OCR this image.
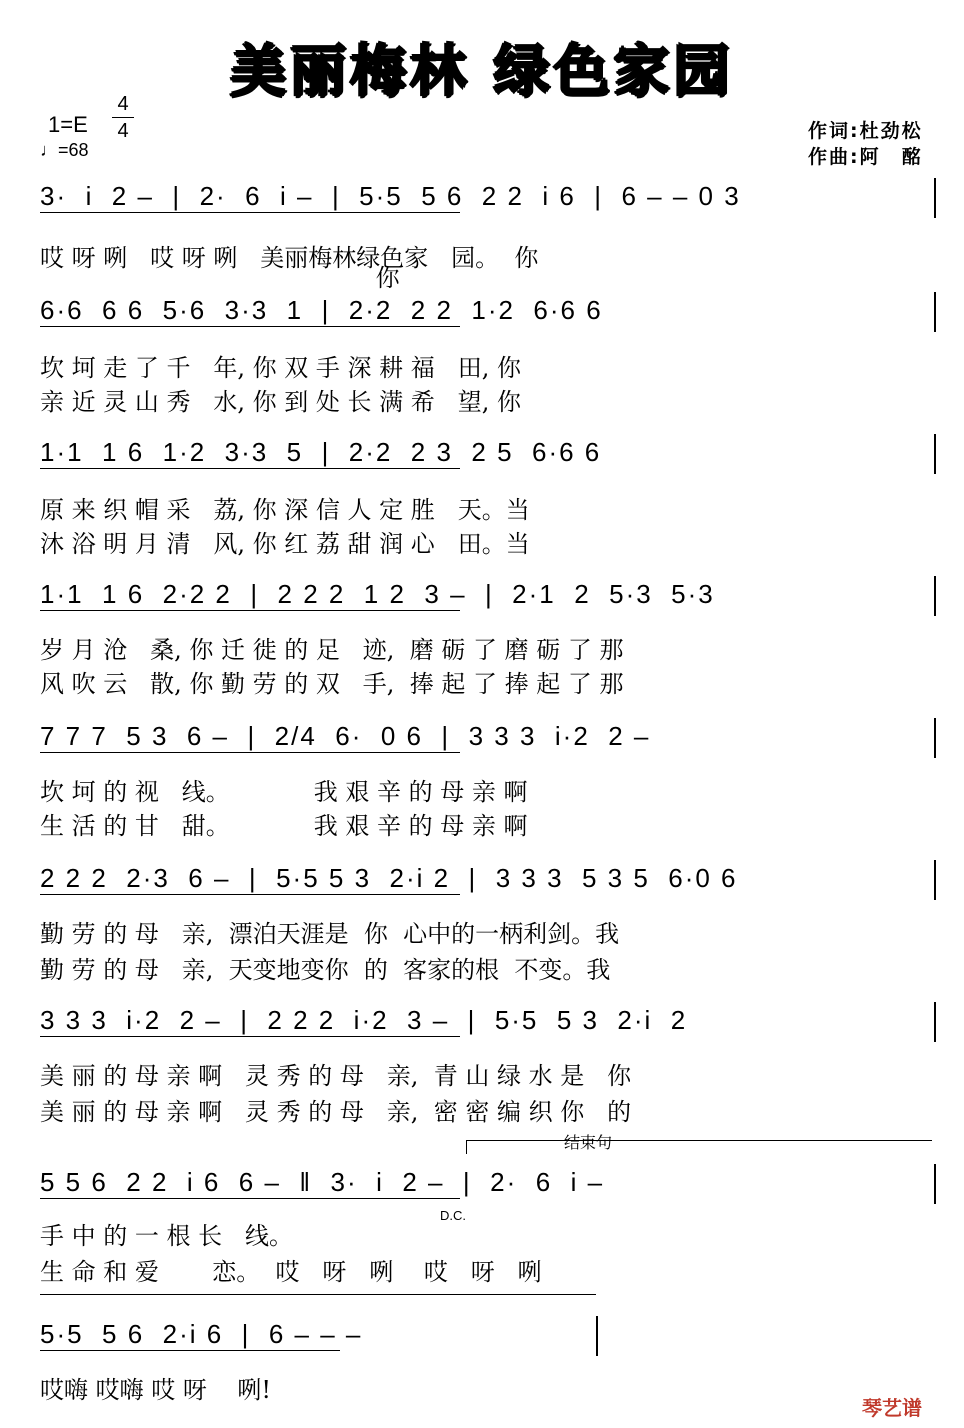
美丽梅林 绿色家园
1=E
4
4
♩=68
作词:杜劲松
作曲:阿　酩
3·  i  2 –  |  2·  6  i –  |  5·5  5 6  2 2  i 6  |  6 – – 0 3
哎 呀 咧   哎 呀 咧   美丽梅林绿色家   园。  你
你
6·6  6 6  5·6  3·3  1  |  2·2  2 2  1·2  6·6 6
坎 坷 走 了 千   年, 你 双 手 深 耕 福   田, 你
亲 近 灵 山 秀   水, 你 到 处 长 满 希   望, 你
1·1  1 6  1·2  3·3  5  |  2·2  2 3  2 5  6·6 6
原 来 织 帽 采   荔, 你 深 信 人 定 胜   天。当
沐 浴 明 月 清   风, 你 红 荔 甜 润 心   田。当
1·1  1 6  2·2 2  |  2 2 2  1 2  3 –  |  2·1  2  5·3  5·3
岁 月 沧   桑, 你 迁 徙 的 足   迹,  磨 砺 了 磨 砺 了 那
风 吹 云   散, 你 勤 劳 的 双   手,  捧 起 了 捧 起 了 那
7 7 7  5 3  6 –  |  2/4  6·  0 6  |  3 3 3  i·2  2 –
坎 坷 的 视   线。           我 艰 辛 的 母 亲 啊
生 活 的 甘   甜。           我 艰 辛 的 母 亲 啊
2 2 2  2·3  6 –  |  5·5 5 3  2·i 2  |  3 3 3  5 3 5  6·0 6
勤 劳 的 母   亲,  漂泊天涯是  你  心中的一柄利剑。我
勤 劳 的 母   亲,  天变地变你  的  客家的根  不变。我
3 3 3  i·2  2 –  |  2 2 2  i·2  3 –  |  5·5  5 3  2·i  2
美 丽 的 母 亲 啊   灵 秀 的 母   亲,  青 山 绿 水 是   你
美 丽 的 母 亲 啊   灵 秀 的 母   亲,  密 密 编 织 你   的
5 5 6  2 2  i 6  6 –  ‖  3·  i  2 –  |  2·  6  i –
手 中 的 一 根 长   线。
生 命 和 爱       恋。  哎   呀   咧    哎   呀   咧
5·5  5 6  2·i 6  |  6 – – –
哎嗨 哎嗨 哎 呀    咧!
D.C.
结束句
琴艺谱
